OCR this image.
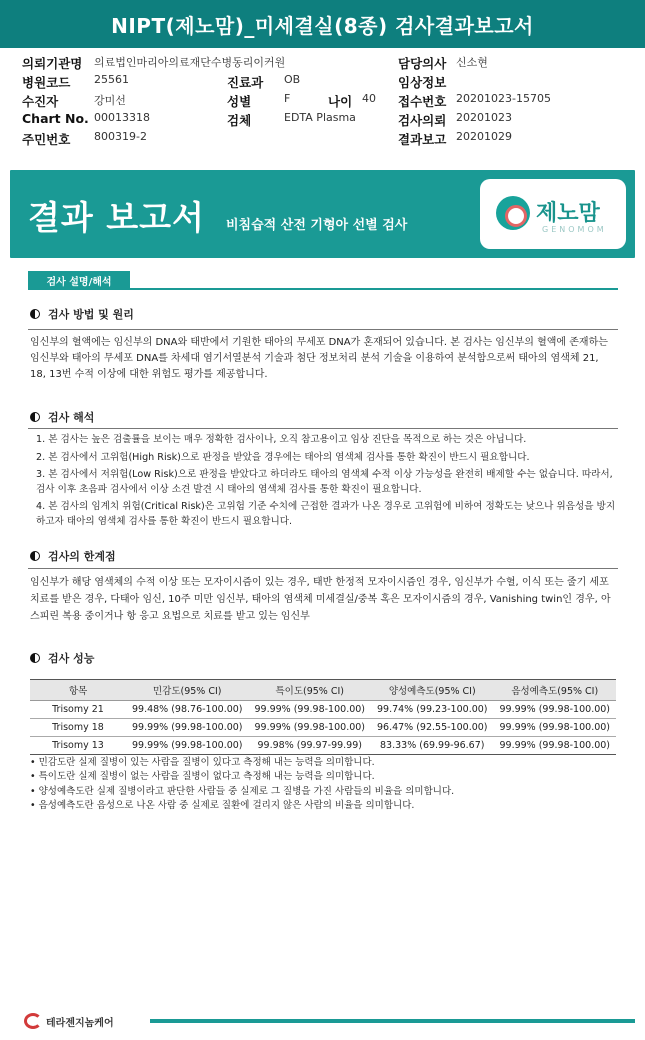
NIPT(제노맘)_미세결실(8종) 검사결과보고서
의뢰기관명 의료법인마리아의료재단수병동리이커원	담당의사 신소현
병원코드 25561	진료과 OB	임상정보
수진자	강미선	성별	F	나이 40 접수번호 20201023-15705
Chart No. 00013318	검체	EDTA Plasma	검사의뢰 20201023
주민번호 800319-2	결과보고 20201029
결과 보고서 비침습적 산전 기형아 선별 검사	제노맘
GENOMOM
검사 설명/해석
검사 방법 및 원리
임신부의 혈액에는 임신부의 DNA와 태반에서 기원한 태아의 무세포 DNA가 혼재되어 있습니다. 본 검사는 임신부의 혈액에 존재하는 임신부와 태아의 무세포 DNA를 차세대 염기서열분석 기술과 첨단 정보처리 분석 기술을 이용하여 분석함으로써 태아의 염색체 21, 18, 13번 수적 이상에 대한 위험도 평가를 제공합니다.
검사 해석
1. 본 검사는 높은 검출률을 보이는 매우 정확한 검사이나, 오직 참고용이고 임상 진단을 목적으로 하는 것은 아닙니다.
2. 본 검사에서 고위험(High Risk)으로 판정을 받았을 경우에는 태아의 염색체 검사를 통한 확진이 반드시 필요합니다.
3. 본 검사에서 저위험(Low Risk)으로 판정을 받았다고 하더라도 태아의 염색체 수적 이상 가능성을 완전히 배제할 수는 없습니다. 따라서, 검사 이후 초음파 검사에서 이상 소견 발견 시 태아의 염색체 검사를 통한 확진이 필요합니다.
4. 본 검사의 임계치 위험(Critical Risk)은 고위험 기준 수치에 근접한 결과가 나온 경우로 고위험에 비하여 정확도는 낮으나 위음성을 방지하고자 태아의 염색체 검사를 통한 확진이 반드시 필요합니다.
검사의 한계점
임신부가 해당 염색체의 수적 이상 또는 모자이시즘이 있는 경우, 태반 한정적 모자이시즘인 경우, 임신부가 수혈, 이식 또는 줄기 세포 치료를 받은 경우, 다태아 임신, 10주 미만 임신부, 태아의 염색체 미세결실/중복 혹은 모자이시즘의 경우, Vanishing twin인 경우, 아스피린 복용 중이거나 항 응고 요법으로 치료를 받고 있는 임신부
검사 성능
항목	민감도(95% CI)	특이도(95% CI)	양성예측도(95% CI)	음성예측도(95% CI)
Trisomy 21	99.48% (98.76-100.00)	99.99% (99.98-100.00)	99.74% (99.23-100.00)	99.99% (99.98-100.00)
Trisomy 18	99.99% (99.98-100.00)	99.99% (99.98-100.00)	96.47% (92.55-100.00)	99.99% (99.98-100.00)
Trisomy 13	99.99% (99.98-100.00)	99.98% (99.97-99.99)	83.33% (69.99-96.67)	99.99% (99.98-100.00)
• 민감도란 실제 질병이 있는 사람을 질병이 있다고 측정해 내는 능력을 의미합니다.
• 특이도란 실제 질병이 없는 사람을 질병이 없다고 측정해 내는 능력을 의미합니다.
• 양성예측도란 실제 질병이라고 판단한 사람들 중 실제로 그 질병을 가진 사람들의 비율을 의미합니다.
• 음성예측도란 음성으로 나온 사람 중 실제로 질환에 걸리지 않은 사람의 비율을 의미합니다.
테라젠지놈케어
